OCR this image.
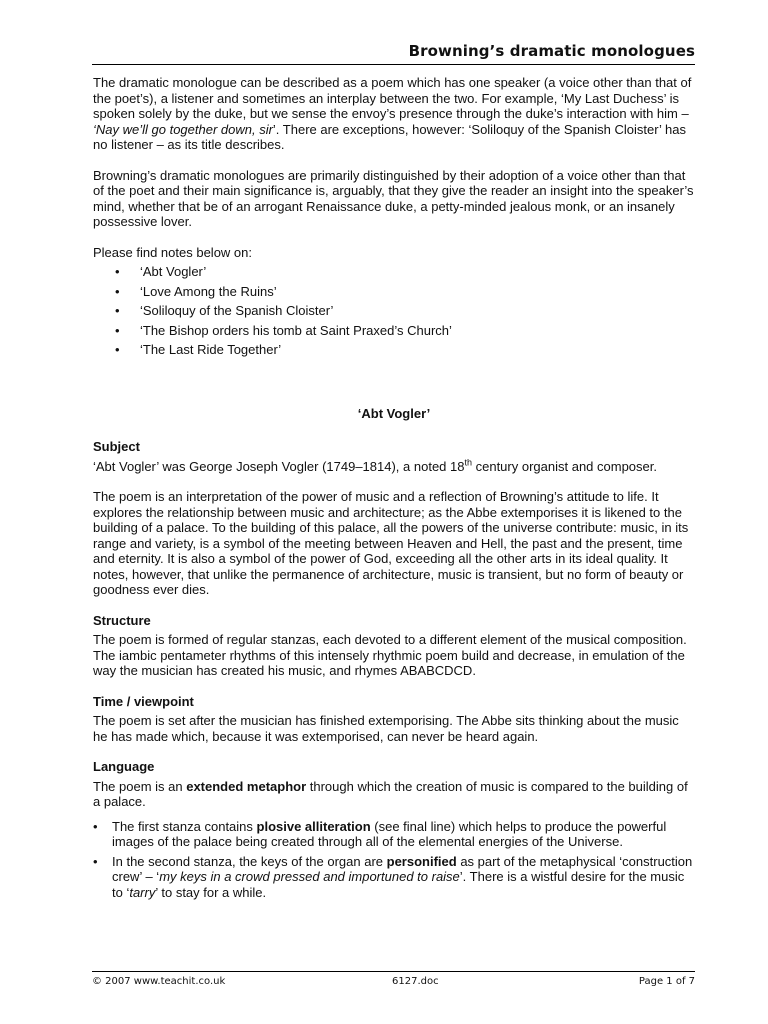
Browning’s dramatic monologues

The dramatic monologue can be described as a poem which has one speaker (a voice other than that of the poet’s), a listener and sometimes an interplay between the two. For example, ‘My Last Duchess’ is spoken solely by the duke, but we sense the envoy’s presence through the duke’s interaction with him – ‘Nay we’ll go together down, sir’. There are exceptions, however: ‘Soliloquy of the Spanish Cloister’ has no listener – as its title describes.

Browning’s dramatic monologues are primarily distinguished by their adoption of a voice other than that of the poet and their main significance is, arguably, that they give the reader an insight into the speaker’s mind, whether that be of an arrogant Renaissance duke, a petty-minded jealous monk, or an insanely possessive lover.

Please find notes below on:

• ‘Abt Vogler’
• ‘Love Among the Ruins’
• ‘Soliloquy of the Spanish Cloister’
• ‘The Bishop orders his tomb at Saint Praxed’s Church’
• ‘The Last Ride Together’
‘Abt Vogler’
Subject

‘Abt Vogler’ was George Joseph Vogler (1749–1814), a noted 18th century organist and composer.

The poem is an interpretation of the power of music and a reflection of Browning’s attitude to life. It explores the relationship between music and architecture; as the Abbe extemporises it is likened to the building of a palace. To the building of this palace, all the powers of the universe contribute: music, in its range and variety, is a symbol of the meeting between Heaven and Hell, the past and the present, time and eternity. It is also a symbol of the power of God, exceeding all the other arts in its ideal quality. It notes, however, that unlike the permanence of architecture, music is transient, but no form of beauty or goodness ever dies.

Structure

The poem is formed of regular stanzas, each devoted to a different element of the musical composition. The iambic pentameter rhythms of this intensely rhythmic poem build and decrease, in emulation of the way the musician has created his music, and rhymes ABABCDCD.

Time / viewpoint

The poem is set after the musician has finished extemporising. The Abbe sits thinking about the music he has made which, because it was extemporised, can never be heard again.

Language

The poem is an extended metaphor through which the creation of music is compared to the building of a palace.

• The first stanza contains plosive alliteration (see final line) which helps to produce the powerful images of the palace being created through all of the elemental energies of the Universe.
• In the second stanza, the keys of the organ are personified as part of the metaphysical ‘construction crew’ – ‘my keys in a crowd pressed and importuned to raise’. There is a wistful desire for the music to ‘tarry’ to stay for a while.
© 2007 www.teachit.co.uk	6127.doc	Page 1 of 7
